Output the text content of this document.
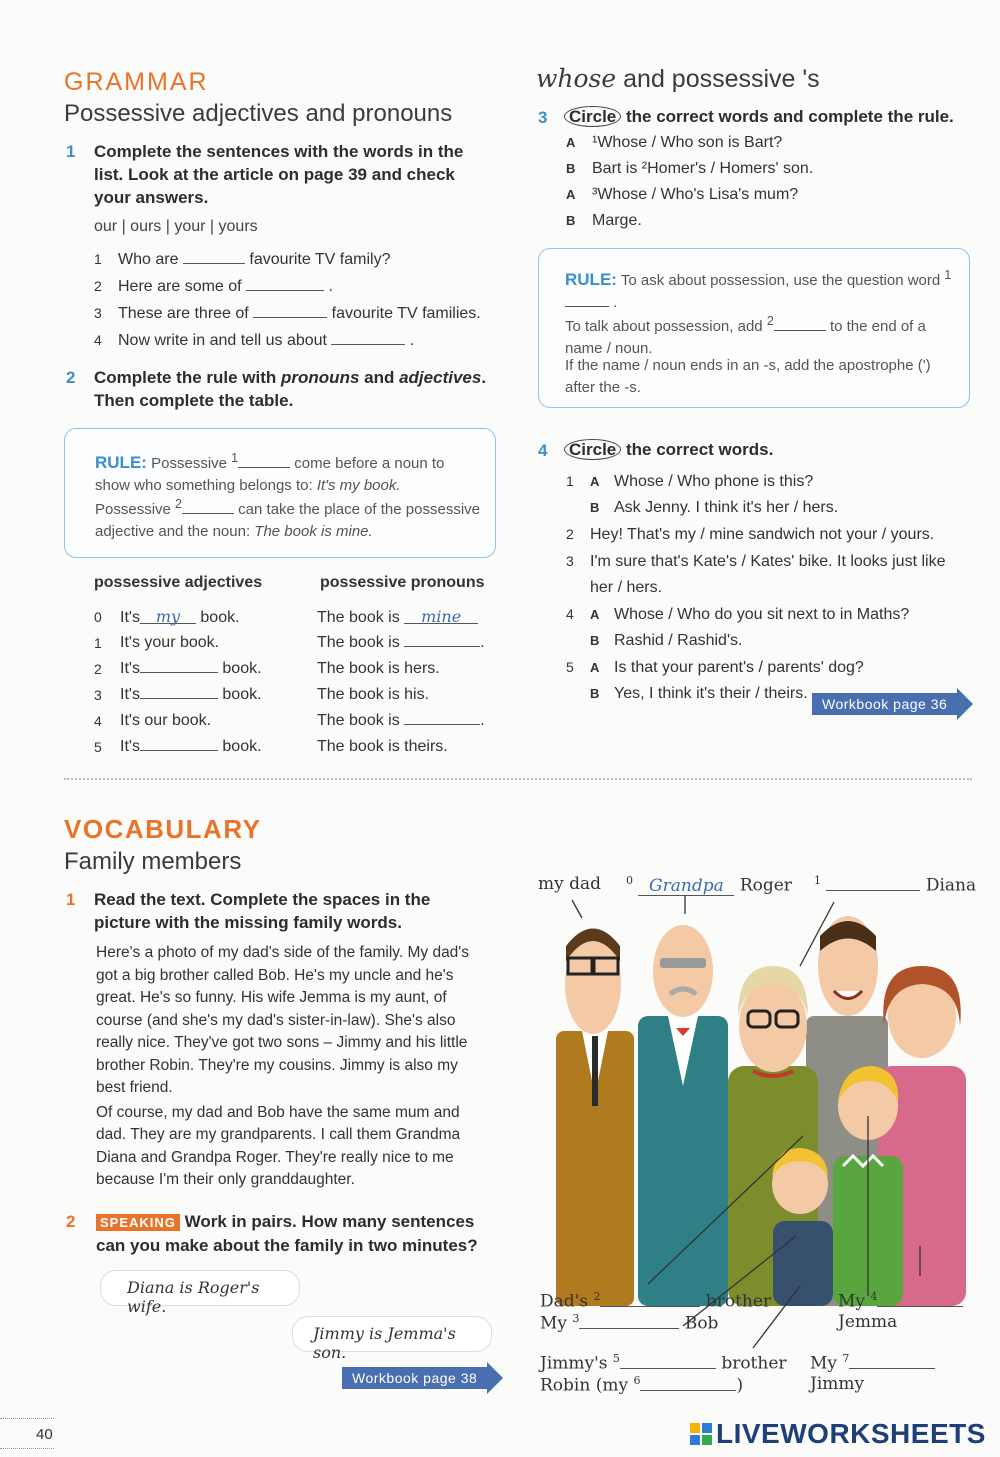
GRAMMAR
Possessive adjectives and pronouns
1 Complete the sentences with the words in the list. Look at the article on page 39 and check your answers.
our | ours | your | yours
1 Who are	favourite TV family?
2 Here are some of	.
3 These are three of	favourite TV families.
4 Now write in and tell us about	.
2 Complete the rule with pronouns and adjectives. Then complete the table.
RULE: Possessive $^1$	come before a noun to show who something belongs to: It's my book.
Possessive $^2$	can take the place of the possessive adjective and the noun: The book is mine.
possessive adjectives	possessive pronouns
0 It's my book.	The book is mine
1 It's your book.	The book is	.
2 It's	book.	The book is hers.
3 It's	book.	The book is his.
4 It's our book.	The book is	.
5 It's	book.	The book is theirs.
whose and possessive 's
3 Circle the correct words and complete the rule.
A ¹Whose / Who son is Bart?
B Bart is ²Homer's / Homers' son.
A ³Whose / Who's Lisa's mum?
B Marge.
RULE: To ask about possession, use the question word $^1$ .
To talk about possession, add $^2$	to the end of a name / noun.
If the name / noun ends in an -s, add the apostrophe (') after the -s.
4 Circle the correct words.
1 A Whose / Who phone is this?
B Ask Jenny. I think it's her / hers.
2 Hey! That's my / mine sandwich not your / yours.
3 I'm sure that's Kate's / Kates' bike. It looks just like
her / hers.
4 A Whose / Who do you sit next to in Maths?
B Rashid / Rashid's.
5 A Is that your parent's / parents' dog?
B Yes, I think it's their / theirs.
Workbook page 36
VOCABULARY
Family members
1 Read the text. Complete the spaces in the picture with the missing family words.

Here's a photo of my dad's side of the family. My dad's got a big brother called Bob. He's my uncle and he's great. He's so funny. His wife Jemma is my aunt, of course (and she's my dad's sister-in-law). She's also really nice. They've got two sons – Jimmy and his little brother Robin. They're my cousins. Jimmy is also my best friend.

Of course, my dad and Bob have the same mum and dad. They are my grandparents. I call them Grandma Diana and Grandpa Roger. They're really nice to me because I'm their only granddaughter.

2	SPEAKING Work in pairs. How many sentences can you make about the family in two minutes?
Diana is Roger's wife.
Jimmy is Jemma's son.
Workbook page 38
my dad $^0$ Grandpa Roger $^1$	Diana
Dad's $^2$	brother
My $^3$	Bob
My $^4$
Jemma
Jimmy's $^5$	brother
Robin (my $^6$	)
My $^7$
Jimmy
40	LIVEWORKSHEETS
